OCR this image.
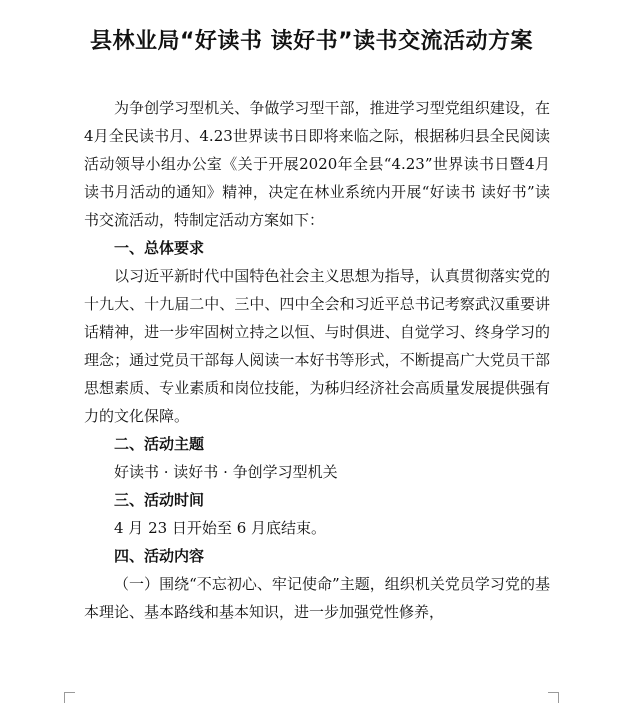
县林业局“好读书 读好书”读书交流活动方案

为争创学习型机关、争做学习型干部，推进学习型党组织建设，在4月全民读书月、4.23世界读书日即将来临之际，根据秭归县全民阅读活动领导小组办公室《关于开展2020年全县“4.23”世界读书日暨4月读书月活动的通知》精神，决定在林业系统内开展“好读书 读好书”读书交流活动，特制定活动方案如下：

一、总体要求

以习近平新时代中国特色社会主义思想为指导，认真贯彻落实党的十九大、十九届二中、三中、四中全会和习近平总书记考察武汉重要讲话精神，进一步牢固树立持之以恒、与时俱进、自觉学习、终身学习的理念；通过党员干部每人阅读一本好书等形式，不断提高广大党员干部思想素质、专业素质和岗位技能，为秭归经济社会高质量发展提供强有力的文化保障。

二、活动主题

好读书 · 读好书 · 争创学习型机关

三、活动时间

4 月 23 日开始至 6 月底结束。

四、活动内容

（一）围绕“不忘初心、牢记使命”主题，组织机关党员学习党的基本理论、基本路线和基本知识，进一步加强党性修养，
